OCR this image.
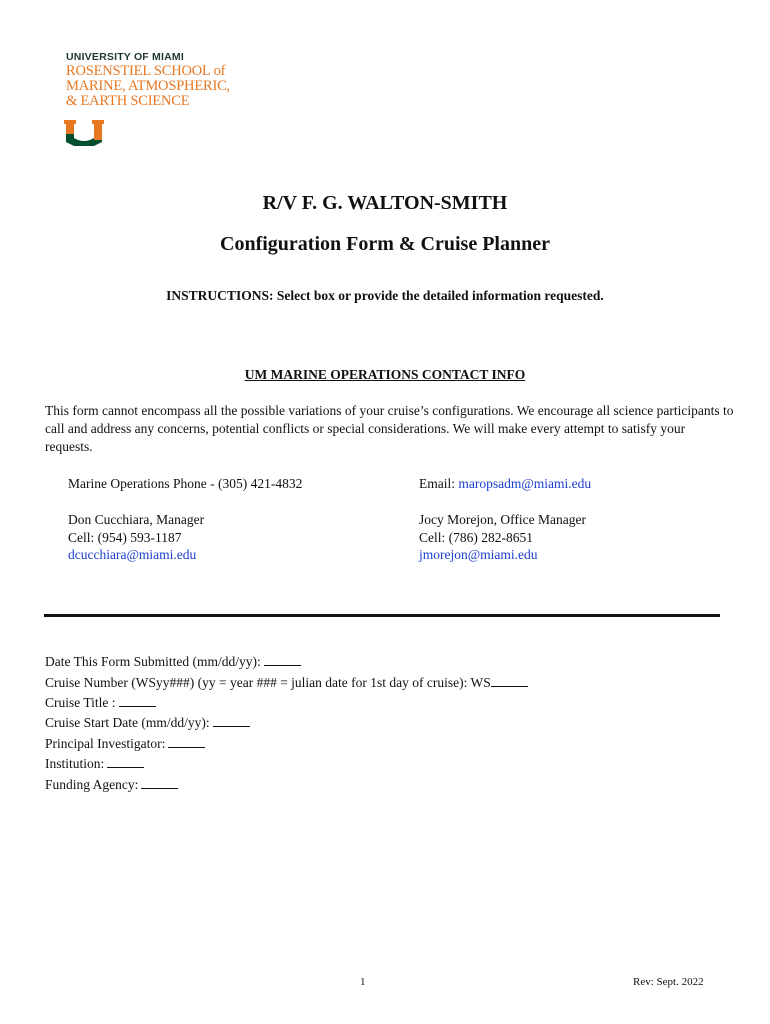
UNIVERSITY OF MIAMI
ROSENSTIEL SCHOOL of
MARINE, ATMOSPHERIC,
& EARTH SCIENCE
R/V F. G. WALTON-SMITH
Configuration Form & Cruise Planner
INSTRUCTIONS: Select box or provide the detailed information requested.
UM MARINE OPERATIONS CONTACT INFO
This form cannot encompass all the possible variations of your cruise’s configurations. We encourage all science participants to call and address any concerns, potential conflicts or special considerations. We will make every attempt to satisfy your requests.
Marine Operations Phone - (305) 421-4832	Email: maropsadm@miami.edu
Don Cucchiara, Manager
Cell: (954) 593-1187
dcucchiara@miami.edu
Jocy Morejon, Office Manager
Cell: (786) 282-8651
jmorejon@miami.edu
Date This Form Submitted (mm/dd/yy):
Cruise Number (WSyy###) (yy = year ### = julian date for 1st day of cruise): WS
Cruise Title :
Cruise Start Date (mm/dd/yy):
Principal Investigator:
Institution:
Funding Agency:
1	Rev: Sept. 2022
